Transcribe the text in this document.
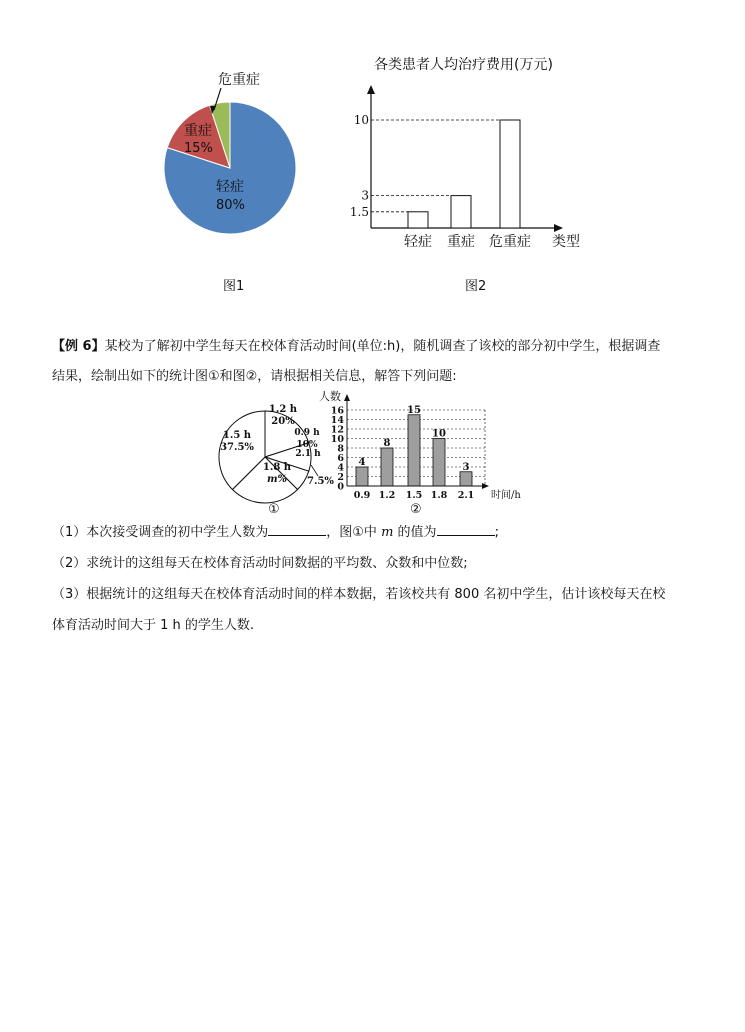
危重症
重症
15%
轻症
80%
图1
各类患者人均治疗费用(万元)
1.5
轻症
3
重症
10
危重症 类型
图2
【例 6】某校为了解初中学生每天在校体育活动时间(单位:h)，随机调查了该校的部分初中学生，根据调查
结果，绘制出如下的统计图①和图②，请根据相关信息，解答下列问题:
1.2 h
20%
0.9 h
10%
2.1 h
1.8 h
m%
1.5 h
37.5%
7.5%
①
0
2
4
6
8
10
12
14
16
4
0.9
8
1.2
15
1.5
10
1.8
3
2.1
人数
时间/h
②
（1）本次接受调查的初中学生人数为	，图①中 m 的值为	;
（2）求统计的这组每天在校体育活动时间数据的平均数、众数和中位数;
（3）根据统计的这组每天在校体育活动时间的样本数据，若该校共有 800 名初中学生，估计该校每天在校
体育活动时间大于 1 h 的学生人数.
